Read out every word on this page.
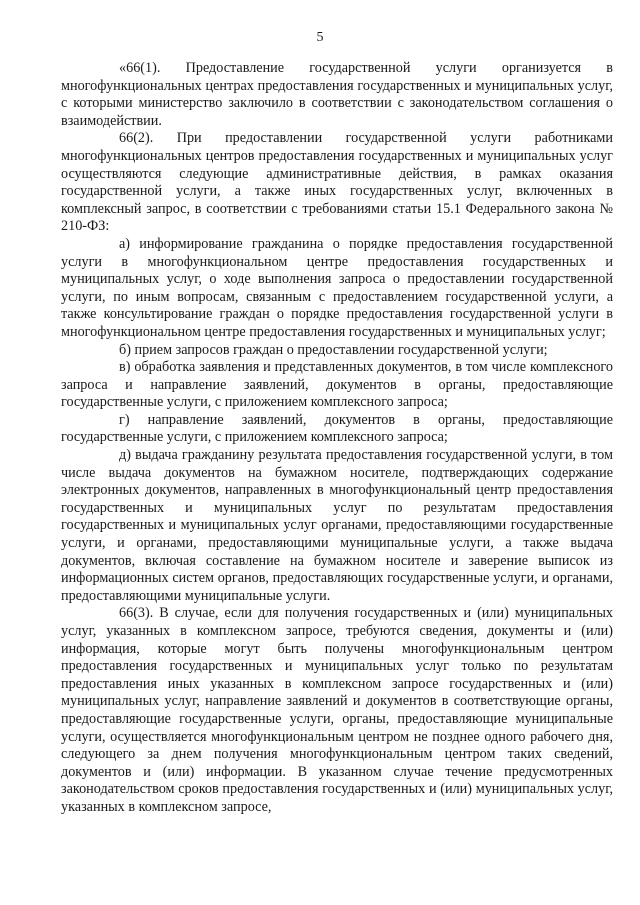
5

«66(1). Предоставление государственной услуги организуется в многофункциональных центрах предоставления государственных и муниципальных услуг, с которыми министерство заключило в соответствии с законодательством соглашения о взаимодействии.

66(2). При предоставлении государственной услуги работниками многофункциональных центров предоставления государственных и муниципальных услуг осуществляются следующие административные действия, в рамках оказания государственной услуги, а также иных государственных услуг, включенных в комплексный запрос, в соответствии с требованиями статьи 15.1 Федерального закона № 210-ФЗ:

а) информирование гражданина о порядке предоставления государственной услуги в многофункциональном центре предоставления государственных и муниципальных услуг, о ходе выполнения запроса о предоставлении государственной услуги, по иным вопросам, связанным с предоставлением государственной услуги, а также консультирование граждан о порядке предоставления государственной услуги в многофункциональном центре предоставления государственных и муниципальных услуг;

б) прием запросов граждан о предоставлении государственной услуги;

в) обработка заявления и представленных документов, в том числе комплексного запроса и направление заявлений, документов в органы, предоставляющие государственные услуги, с приложением комплексного запроса;

г) направление заявлений, документов в органы, предоставляющие государственные услуги, с приложением комплексного запроса;

д) выдача гражданину результата предоставления государственной услуги, в том числе выдача документов на бумажном носителе, подтверждающих содержание электронных документов, направленных в многофункциональный центр предоставления государственных и муниципальных услуг по результатам предоставления государственных и муниципальных услуг органами, предоставляющими государственные услуги, и органами, предоставляющими муниципальные услуги, а также выдача документов, включая составление на бумажном носителе и заверение выписок из информационных систем органов, предоставляющих государственные услуги, и органами, предоставляющими муниципальные услуги.

66(3). В случае, если для получения государственных и (или) муниципальных услуг, указанных в комплексном запросе, требуются сведения, документы и (или) информация, которые могут быть получены многофункциональным центром предоставления государственных и муниципальных услуг только по результатам предоставления иных указанных в комплексном запросе государственных и (или) муниципальных услуг, направление заявлений и документов в соответствующие органы, предоставляющие государственные услуги, органы, предоставляющие муниципальные услуги, осуществляется многофункциональным центром не позднее одного рабочего дня, следующего за днем получения многофункциональным центром таких сведений, документов и (или) информации. В указанном случае течение предусмотренных законодательством сроков предоставления государственных и (или) муниципальных услуг, указанных в комплексном запросе,
